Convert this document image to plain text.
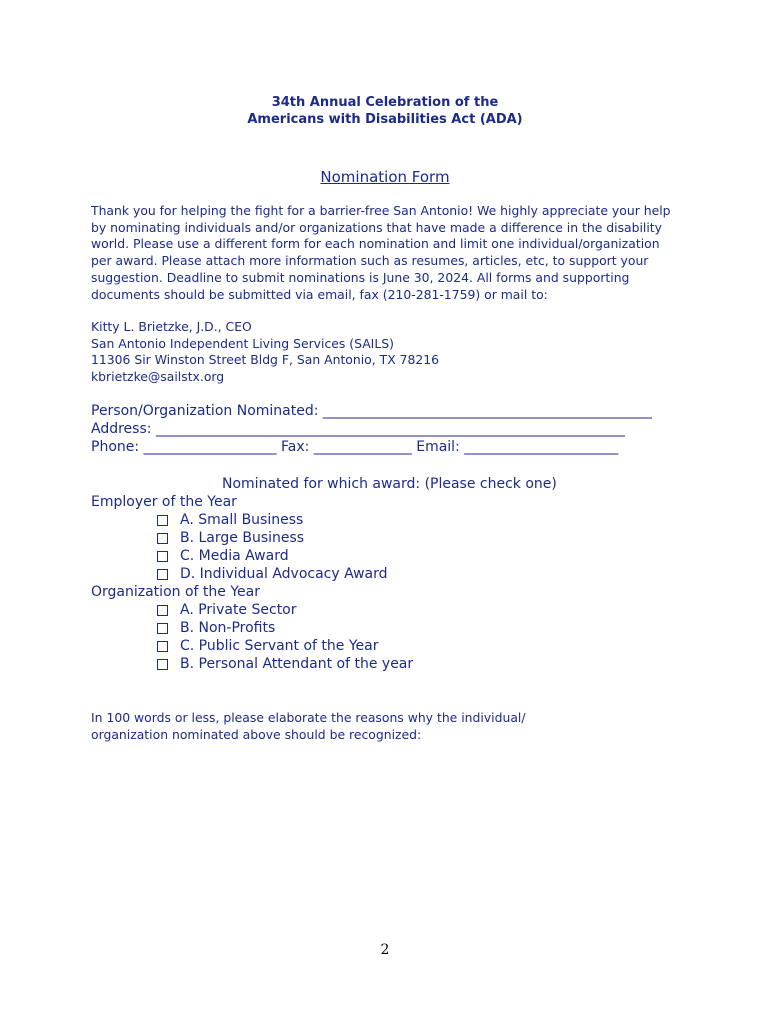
34th Annual Celebration of the
Americans with Disabilities Act (ADA)
Nomination Form
Thank you for helping the fight for a barrier-free San Antonio! We highly appreciate your help
by nominating individuals and/or organizations that have made a difference in the disability
world. Please use a different form for each nomination and limit one individual/organization
per award. Please attach more information such as resumes, articles, etc, to support your
suggestion. Deadline to submit nominations is June 30, 2024. All forms and supporting
documents should be submitted via email, fax (210-281-1759) or mail to:
Kitty L. Brietzke, J.D., CEO
San Antonio Independent Living Services (SAILS)
11306 Sir Winston Street Bldg F, San Antonio, TX 78216
kbrietzke@sailstx.org
Person/Organization Nominated: _______________________________________________
Address: ___________________________________________________________________
Phone: ___________________ Fax: ______________ Email: ______________________
Nominated for which award: (Please check one)
Employer of the Year
A. Small Business
B. Large Business
C. Media Award
D. Individual Advocacy Award
Organization of the Year
A. Private Sector
B. Non-Profits
C. Public Servant of the Year
B. Personal Attendant of the year
In 100 words or less, please elaborate the reasons why the individual/
organization nominated above should be recognized:
2
